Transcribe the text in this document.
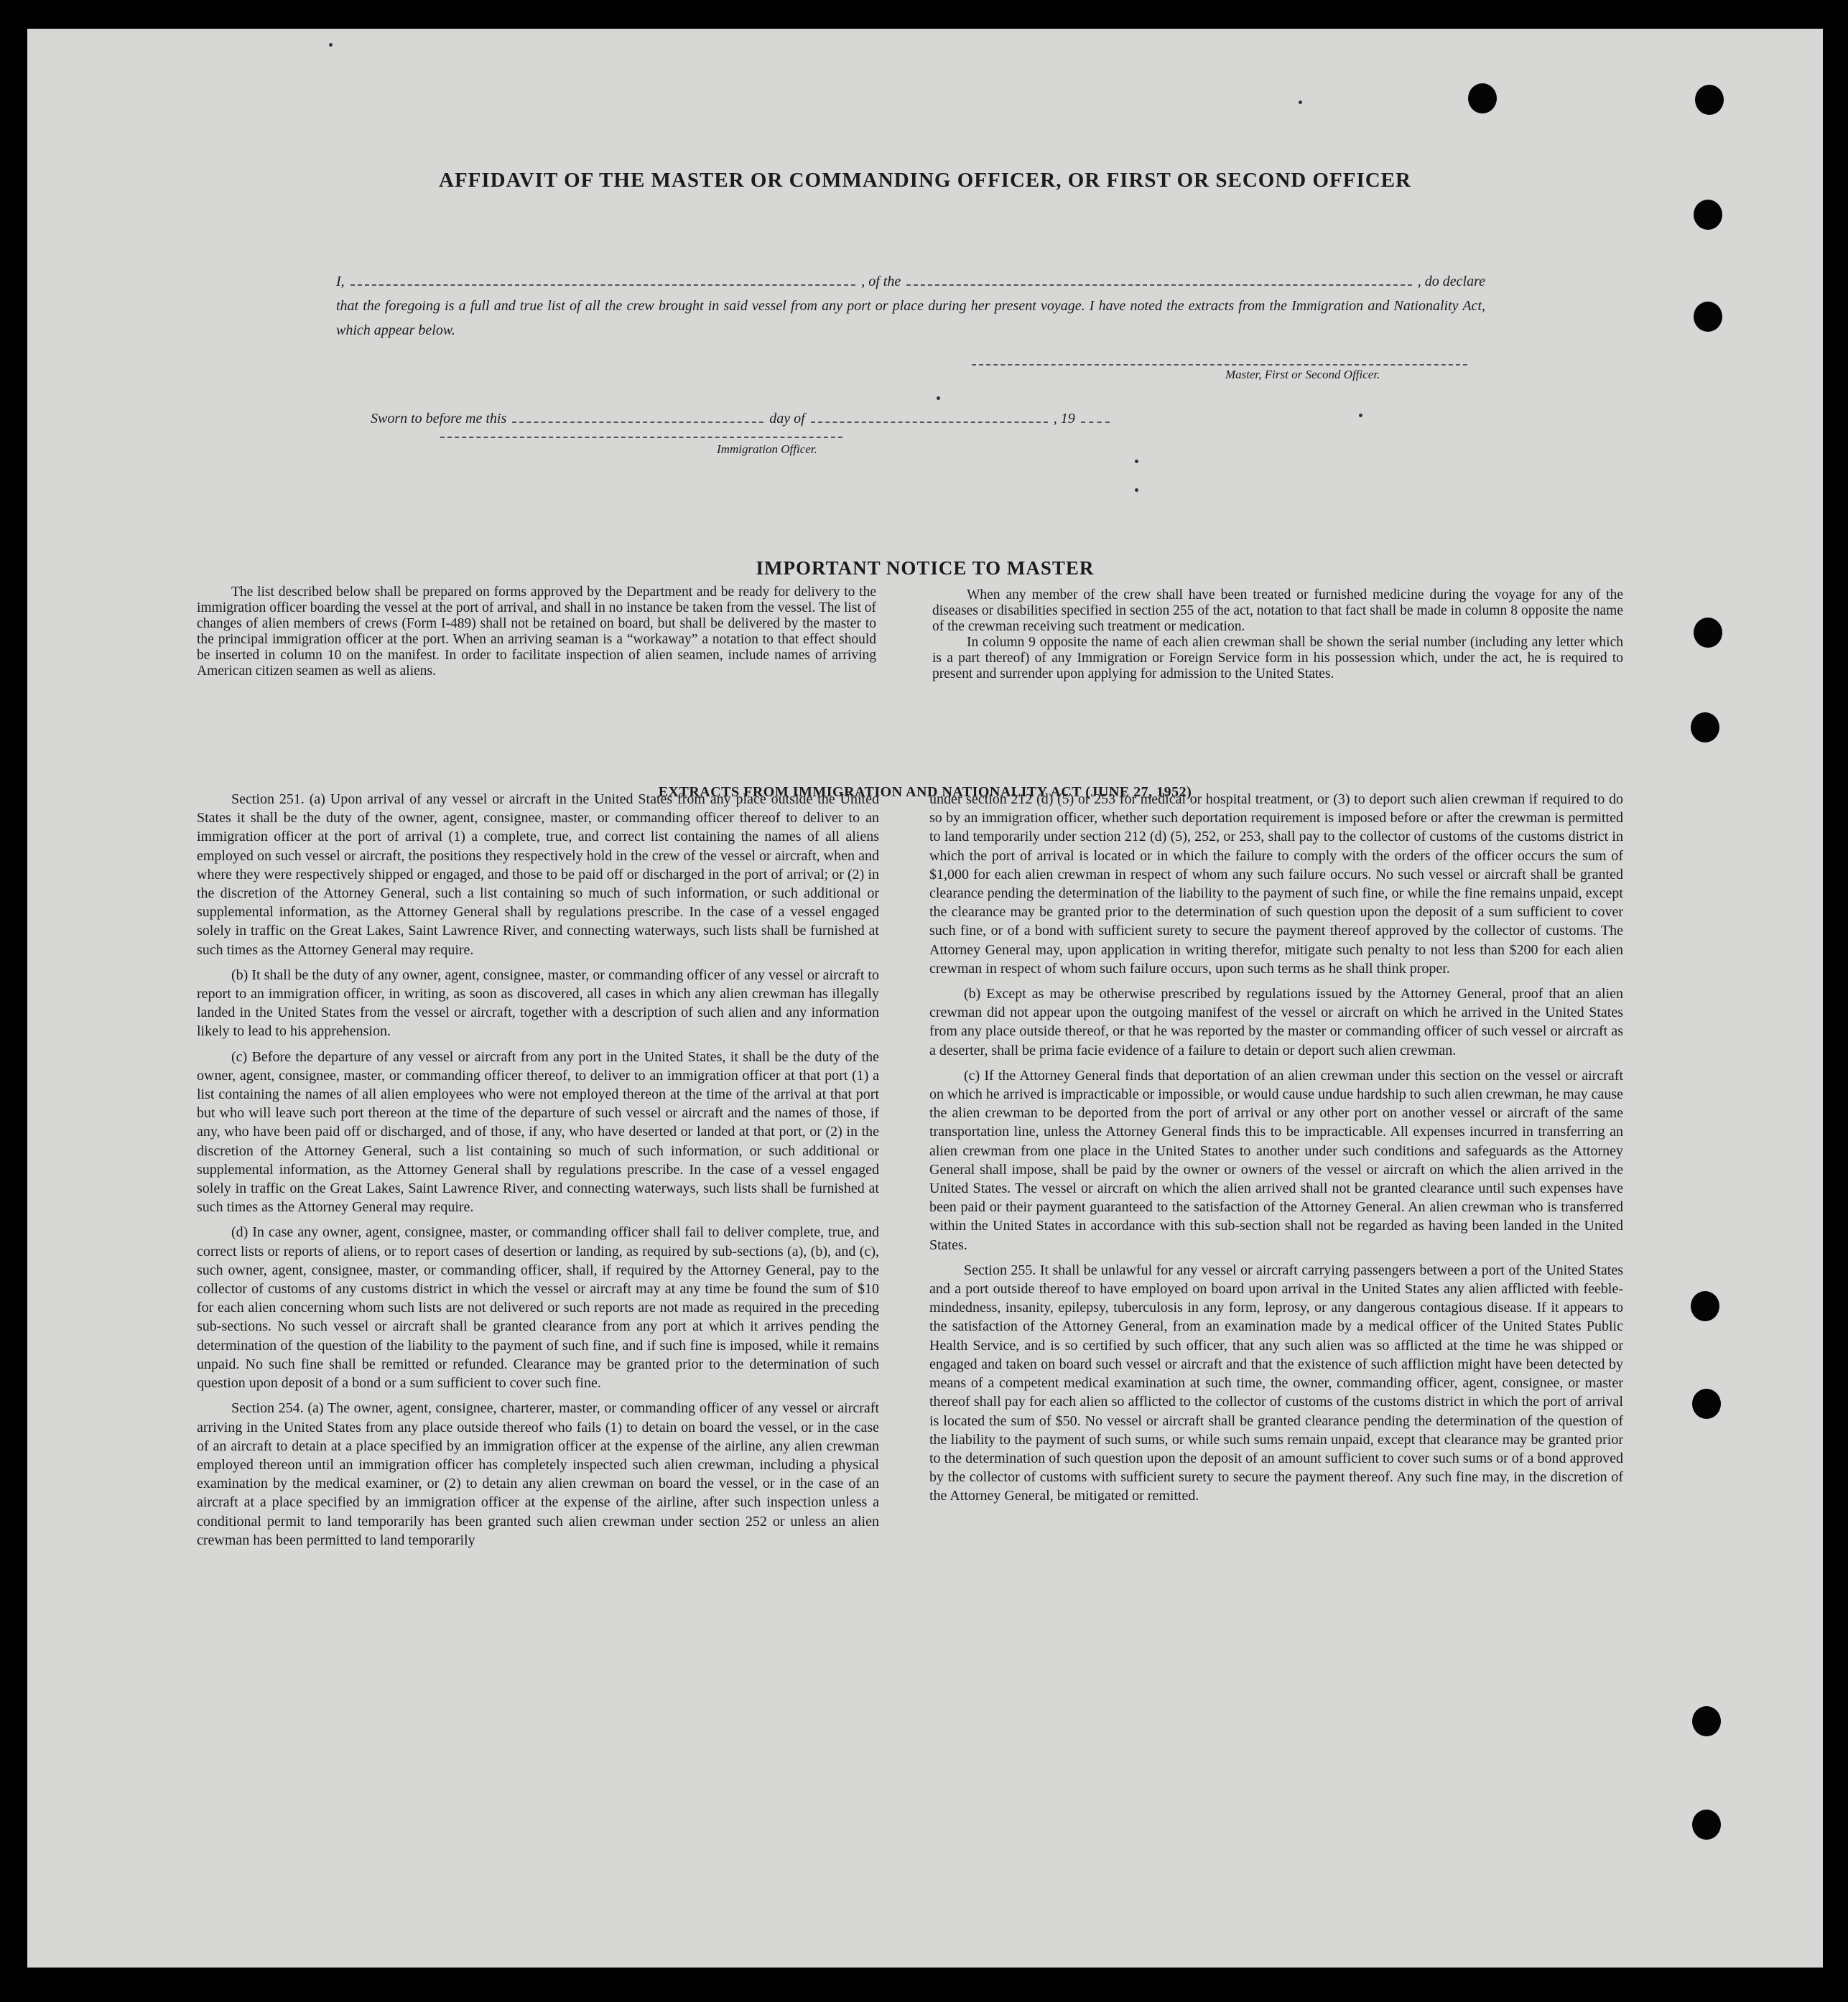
AFFIDAVIT OF THE MASTER OR COMMANDING OFFICER, OR FIRST OR SECOND OFFICER
I,	, of the	, do declare
that the foregoing is a full and true list of all the crew brought in said vessel from any port or place during her present voyage. I have noted the extracts from the Immigration and Nationality Act, which appear below.
Master, First or Second Officer.
Sworn to before me this	day of	, 19
Immigration Officer.
IMPORTANT NOTICE TO MASTER

The list described below shall be prepared on forms approved by the Department and be ready for delivery to the immigration officer boarding the vessel at the port of arrival, and shall in no instance be taken from the vessel. The list of changes of alien members of crews (Form I-489) shall not be retained on board, but shall be delivered by the master to the principal immigration officer at the port. When an arriving seaman is a “workaway” a notation to that effect should be inserted in column 10 on the manifest. In order to facilitate inspection of alien seamen, include names of arriving American citizen seamen as well as aliens.

When any member of the crew shall have been treated or furnished medicine during the voyage for any of the diseases or disabilities specified in section 255 of the act, notation to that fact shall be made in column 8 opposite the name of the crewman receiving such treatment or medication.

In column 9 opposite the name of each alien crewman shall be shown the serial number (including any letter which is a part thereof) of any Immigration or Foreign Service form in his possession which, under the act, he is required to present and surrender upon applying for admission to the United States.

EXTRACTS FROM IMMIGRATION AND NATIONALITY ACT (JUNE 27, 1952)

Section 251. (a) Upon arrival of any vessel or aircraft in the United States from any place outside the United States it shall be the duty of the owner, agent, consignee, master, or commanding officer thereof to deliver to an immigration officer at the port of arrival (1) a complete, true, and correct list containing the names of all aliens employed on such vessel or aircraft, the positions they respectively hold in the crew of the vessel or aircraft, when and where they were respectively shipped or engaged, and those to be paid off or discharged in the port of arrival; or (2) in the discretion of the Attorney General, such a list containing so much of such information, or such additional or supplemental information, as the Attorney General shall by regulations prescribe. In the case of a vessel engaged solely in traffic on the Great Lakes, Saint Lawrence River, and connecting waterways, such lists shall be furnished at such times as the Attorney General may require.

(b) It shall be the duty of any owner, agent, consignee, master, or commanding officer of any vessel or aircraft to report to an immigration officer, in writing, as soon as discovered, all cases in which any alien crewman has illegally landed in the United States from the vessel or aircraft, together with a description of such alien and any information likely to lead to his apprehension.

(c) Before the departure of any vessel or aircraft from any port in the United States, it shall be the duty of the owner, agent, consignee, master, or commanding officer thereof, to deliver to an immigration officer at that port (1) a list containing the names of all alien employees who were not employed thereon at the time of the arrival at that port but who will leave such port thereon at the time of the departure of such vessel or aircraft and the names of those, if any, who have been paid off or discharged, and of those, if any, who have deserted or landed at that port, or (2) in the discretion of the Attorney General, such a list containing so much of such information, or such additional or supplemental information, as the Attorney General shall by regulations prescribe. In the case of a vessel engaged solely in traffic on the Great Lakes, Saint Lawrence River, and connecting waterways, such lists shall be furnished at such times as the Attorney General may require.

(d) In case any owner, agent, consignee, master, or commanding officer shall fail to deliver complete, true, and correct lists or reports of aliens, or to report cases of desertion or landing, as required by sub-sections (a), (b), and (c), such owner, agent, consignee, master, or commanding officer, shall, if required by the Attorney General, pay to the collector of customs of any customs district in which the vessel or aircraft may at any time be found the sum of $10 for each alien concerning whom such lists are not delivered or such reports are not made as required in the preceding sub-sections. No such vessel or aircraft shall be granted clearance from any port at which it arrives pending the determination of the question of the liability to the payment of such fine, and if such fine is imposed, while it remains unpaid. No such fine shall be remitted or refunded. Clearance may be granted prior to the determination of such question upon deposit of a bond or a sum sufficient to cover such fine.

Section 254. (a) The owner, agent, consignee, charterer, master, or commanding officer of any vessel or aircraft arriving in the United States from any place outside thereof who fails (1) to detain on board the vessel, or in the case of an aircraft to detain at a place specified by an immigration officer at the expense of the airline, any alien crewman employed thereon until an immigration officer has completely inspected such alien crewman, including a physical examination by the medical examiner, or (2) to detain any alien crewman on board the vessel, or in the case of an aircraft at a place specified by an immigration officer at the expense of the airline, after such inspection unless a conditional permit to land temporarily has been granted such alien crewman under section 252 or unless an alien crewman has been permitted to land temporarily

under section 212 (d) (5) or 253 for medical or hospital treatment, or (3) to deport such alien crewman if required to do so by an immigration officer, whether such deportation requirement is imposed before or after the crewman is permitted to land temporarily under section 212 (d) (5), 252, or 253, shall pay to the collector of customs of the customs district in which the port of arrival is located or in which the failure to comply with the orders of the officer occurs the sum of $1,000 for each alien crewman in respect of whom any such failure occurs. No such vessel or aircraft shall be granted clearance pending the determination of the liability to the payment of such fine, or while the fine remains unpaid, except the clearance may be granted prior to the determination of such question upon the deposit of a sum sufficient to cover such fine, or of a bond with sufficient surety to secure the payment thereof approved by the collector of customs. The Attorney General may, upon application in writing therefor, mitigate such penalty to not less than $200 for each alien crewman in respect of whom such failure occurs, upon such terms as he shall think proper.

(b) Except as may be otherwise prescribed by regulations issued by the Attorney General, proof that an alien crewman did not appear upon the outgoing manifest of the vessel or aircraft on which he arrived in the United States from any place outside thereof, or that he was reported by the master or commanding officer of such vessel or aircraft as a deserter, shall be prima facie evidence of a failure to detain or deport such alien crewman.

(c) If the Attorney General finds that deportation of an alien crewman under this section on the vessel or aircraft on which he arrived is impracticable or impossible, or would cause undue hardship to such alien crewman, he may cause the alien crewman to be deported from the port of arrival or any other port on another vessel or aircraft of the same transportation line, unless the Attorney General finds this to be impracticable. All expenses incurred in transferring an alien crewman from one place in the United States to another under such conditions and safeguards as the Attorney General shall impose, shall be paid by the owner or owners of the vessel or aircraft on which the alien arrived in the United States. The vessel or aircraft on which the alien arrived shall not be granted clearance until such expenses have been paid or their payment guaranteed to the satisfaction of the Attorney General. An alien crewman who is transferred within the United States in accordance with this sub-section shall not be regarded as having been landed in the United States.

Section 255. It shall be unlawful for any vessel or aircraft carrying passengers between a port of the United States and a port outside thereof to have employed on board upon arrival in the United States any alien afflicted with feeble-mindedness, insanity, epilepsy, tuberculosis in any form, leprosy, or any dangerous contagious disease. If it appears to the satisfaction of the Attorney General, from an examination made by a medical officer of the United States Public Health Service, and is so certified by such officer, that any such alien was so afflicted at the time he was shipped or engaged and taken on board such vessel or aircraft and that the existence of such affliction might have been detected by means of a competent medical examination at such time, the owner, commanding officer, agent, consignee, or master thereof shall pay for each alien so afflicted to the collector of customs of the customs district in which the port of arrival is located the sum of $50. No vessel or aircraft shall be granted clearance pending the determination of the question of the liability to the payment of such sums, or while such sums remain unpaid, except that clearance may be granted prior to the determination of such question upon the deposit of an amount sufficient to cover such sums or of a bond approved by the collector of customs with sufficient surety to secure the payment thereof. Any such fine may, in the discretion of the Attorney General, be mitigated or remitted.
